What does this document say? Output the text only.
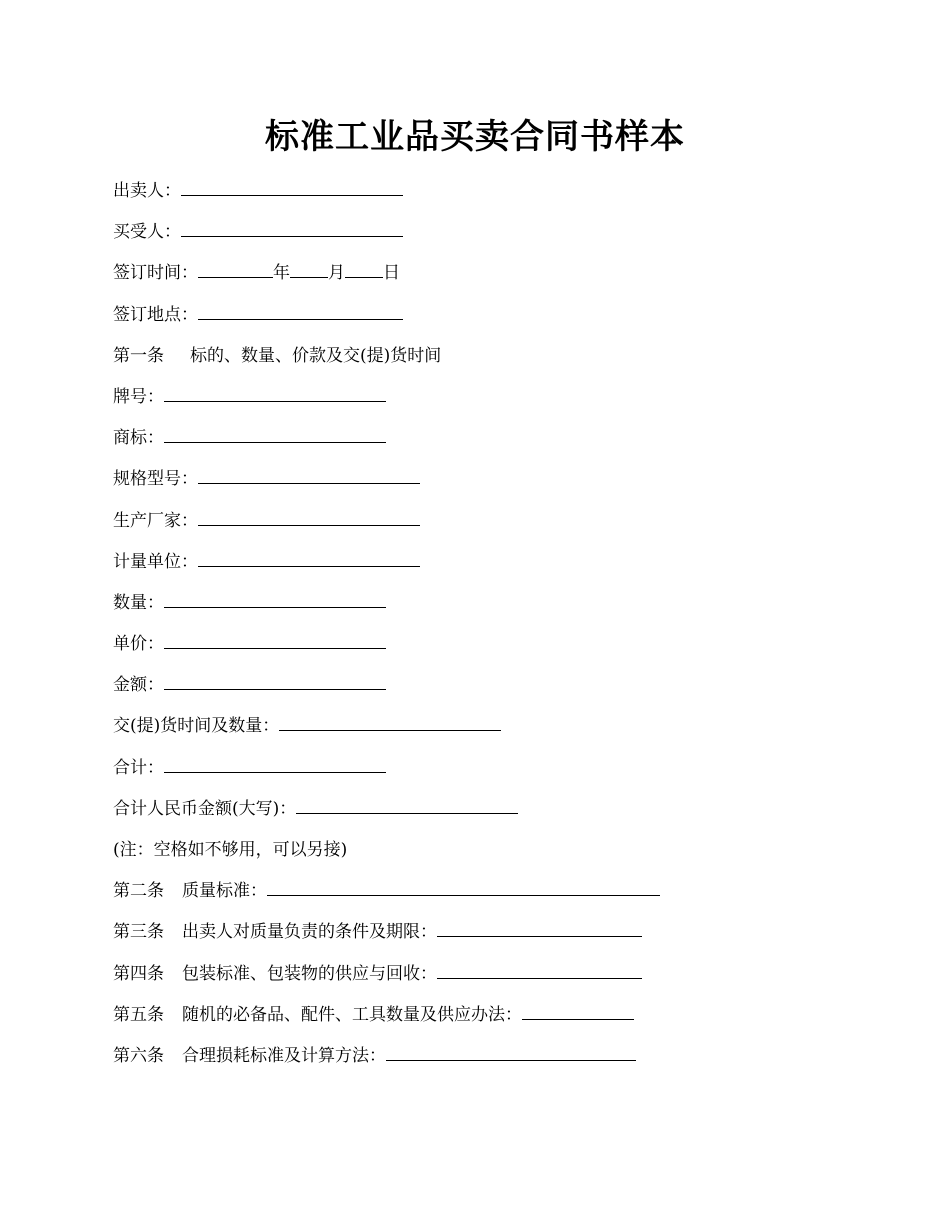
标准工业品买卖合同书样本
出卖人：
买受人：
签订时间：	年 月 日
签订地点：
第一条 标的、数量、价款及交(提)货时间
牌号：
商标：
规格型号：
生产厂家：
计量单位：
数量：
单价：
金额：
交(提)货时间及数量：
合计：
合计人民币金额(大写)：
(注：空格如不够用，可以另接)
第二条 质量标准：
第三条 出卖人对质量负责的条件及期限：
第四条 包装标准、包装物的供应与回收：
第五条 随机的必备品、配件、工具数量及供应办法：
第六条 合理损耗标准及计算方法：
